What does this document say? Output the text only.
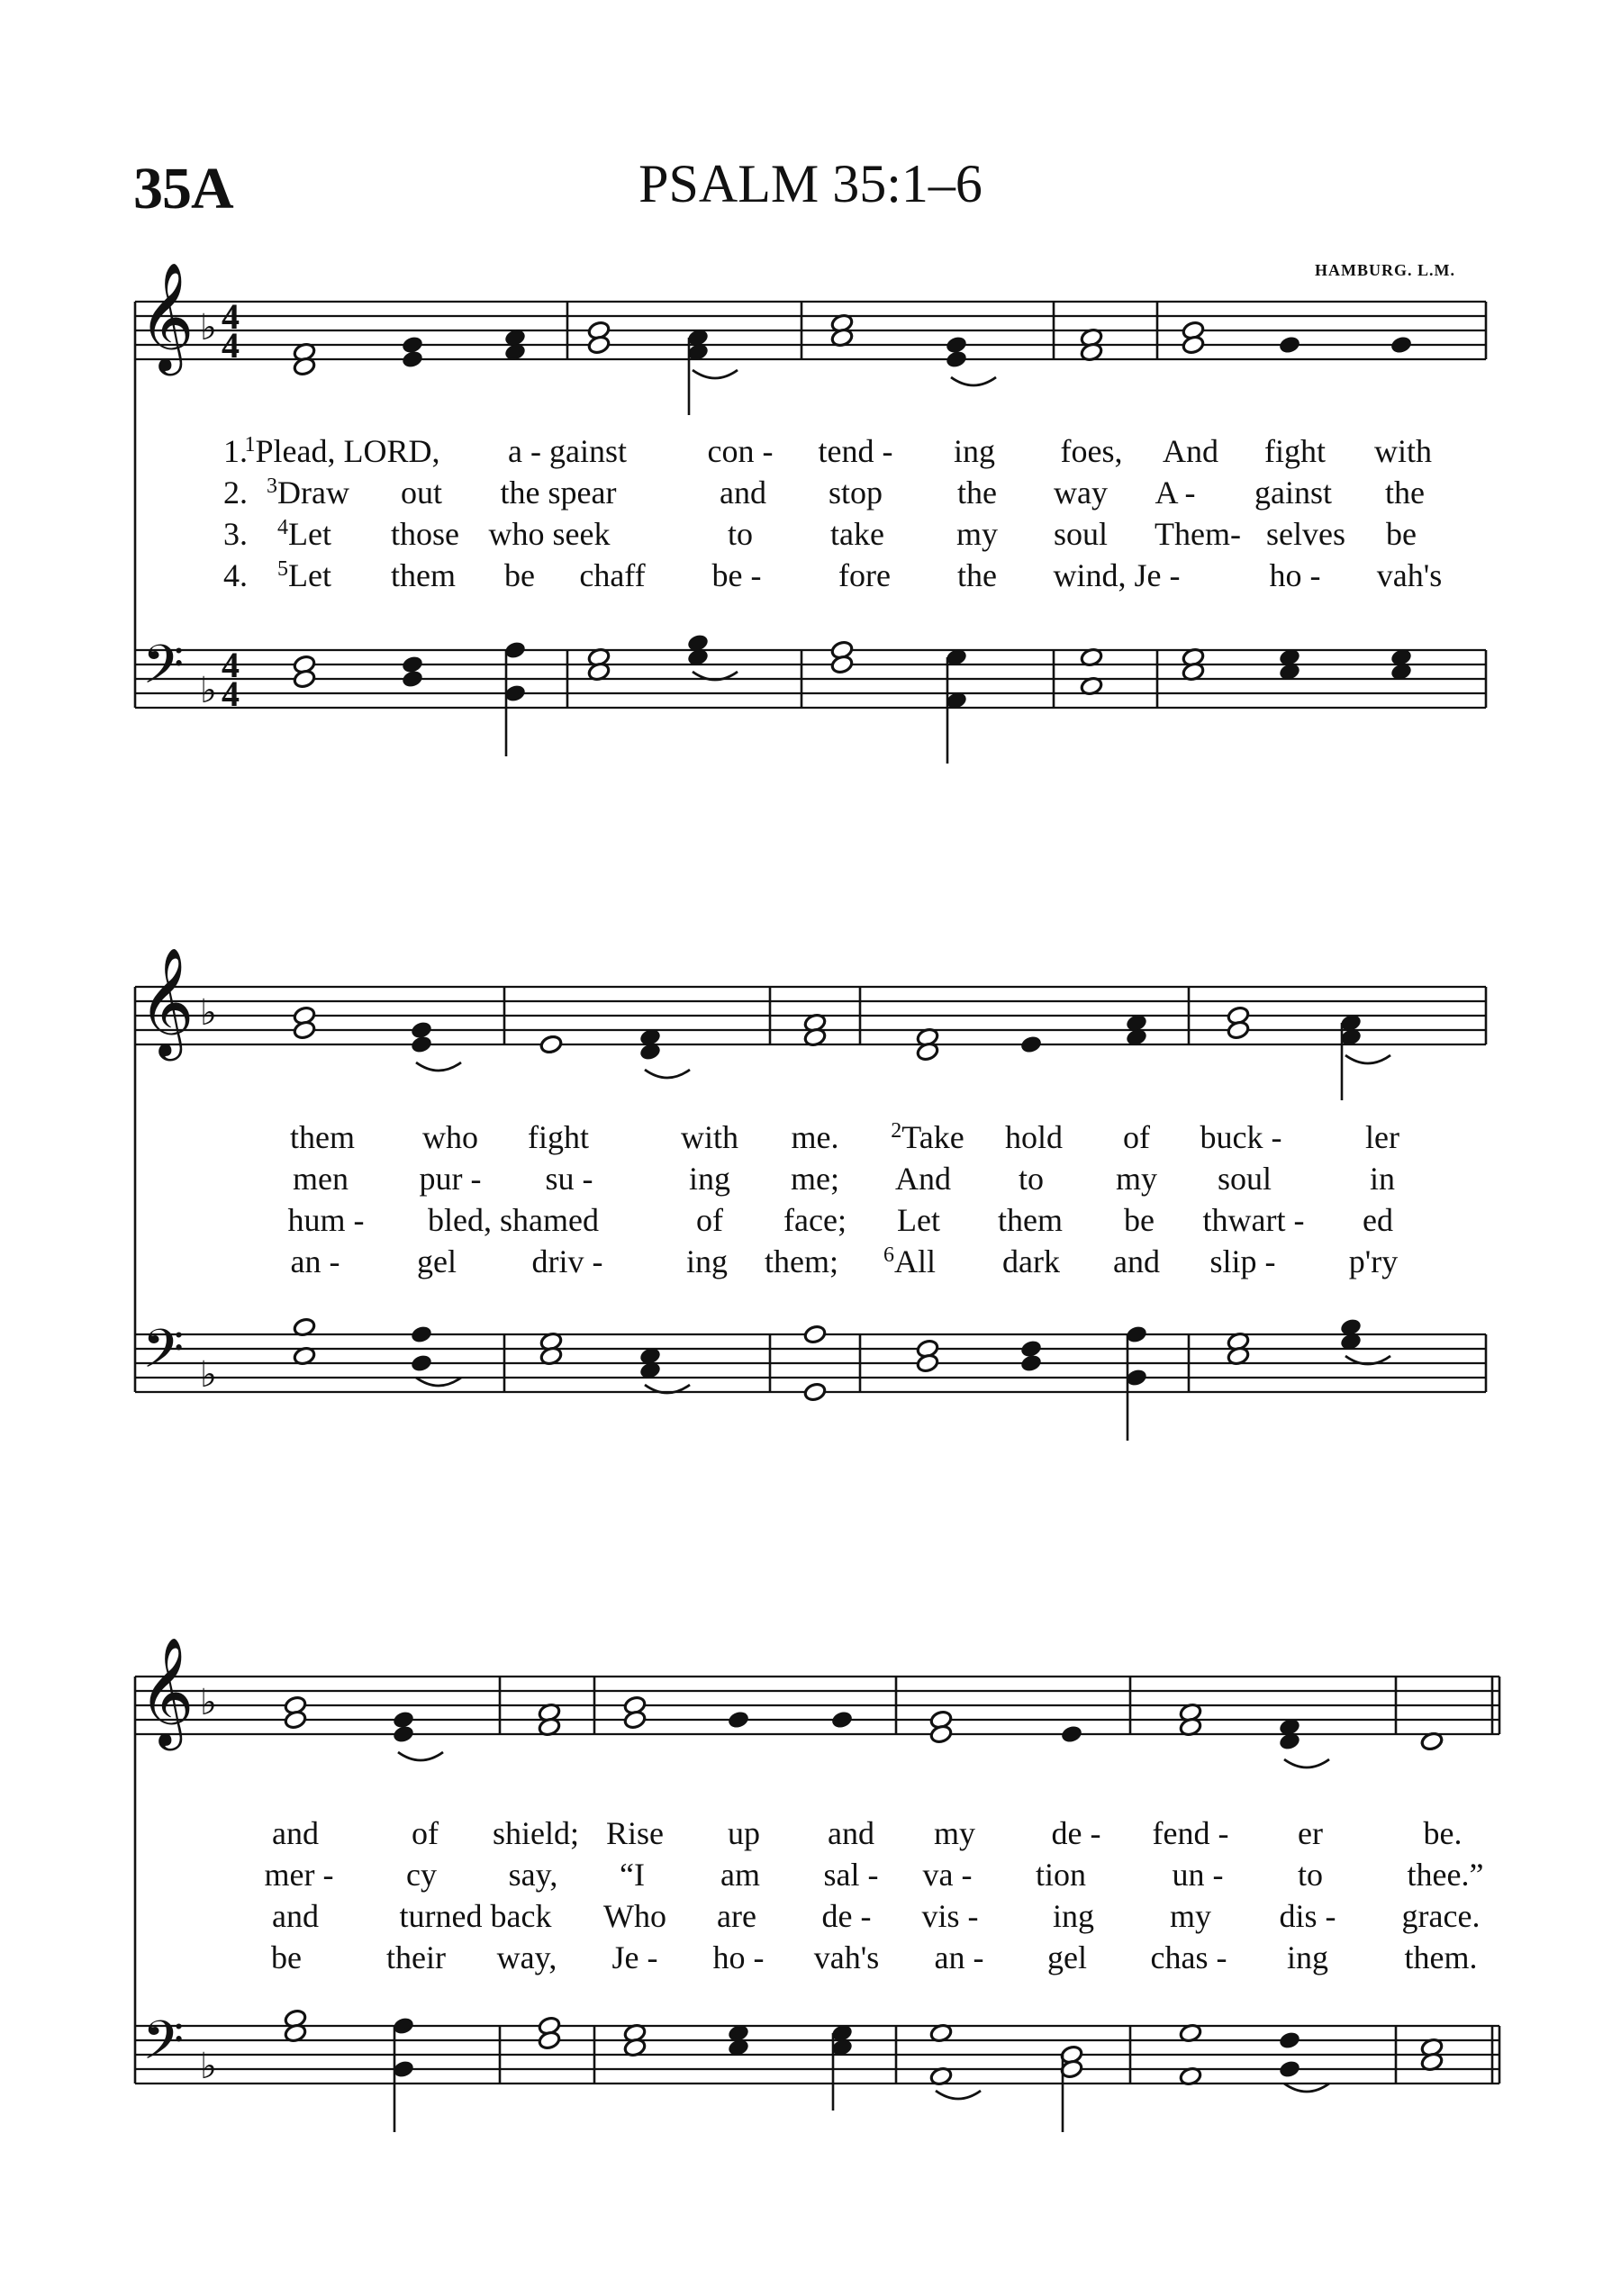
35A	PSALM 35:1–6
HAMBURG. L.M.
𝄞
𝄢
♭
♭
4
4
4
4
1.
$^1$Plead, LORD, a - gainst con - tend - ing foes, And fight with
2. $^3$Draw out the spear	and stop the way A - gainst the
3. $^4$Let those who seek	to take my soul Them- selves be
4. $^5$Let them be chaff be - fore the wind, Je -	ho - vah's
𝄞
𝄢
♭
♭
them who fight	with me. $^2$Take hold of buck -	ler
men pur - su -	ing me; And to my soul	in
hum - bled, shamed	of face; Let them be thwart - ed
an - gel driv -	ing them; $^6$All dark and slip - p'ry
𝄞
𝄢
♭
♭
and	of shield; Rise up and my de - fend - er	be.
mer - cy say, “I am sal - va - tion	un - to	thee.”
and turned back Who are de - vis - ing my dis - grace.
be	their way, Je - ho - vah's an - gel chas - ing them.
